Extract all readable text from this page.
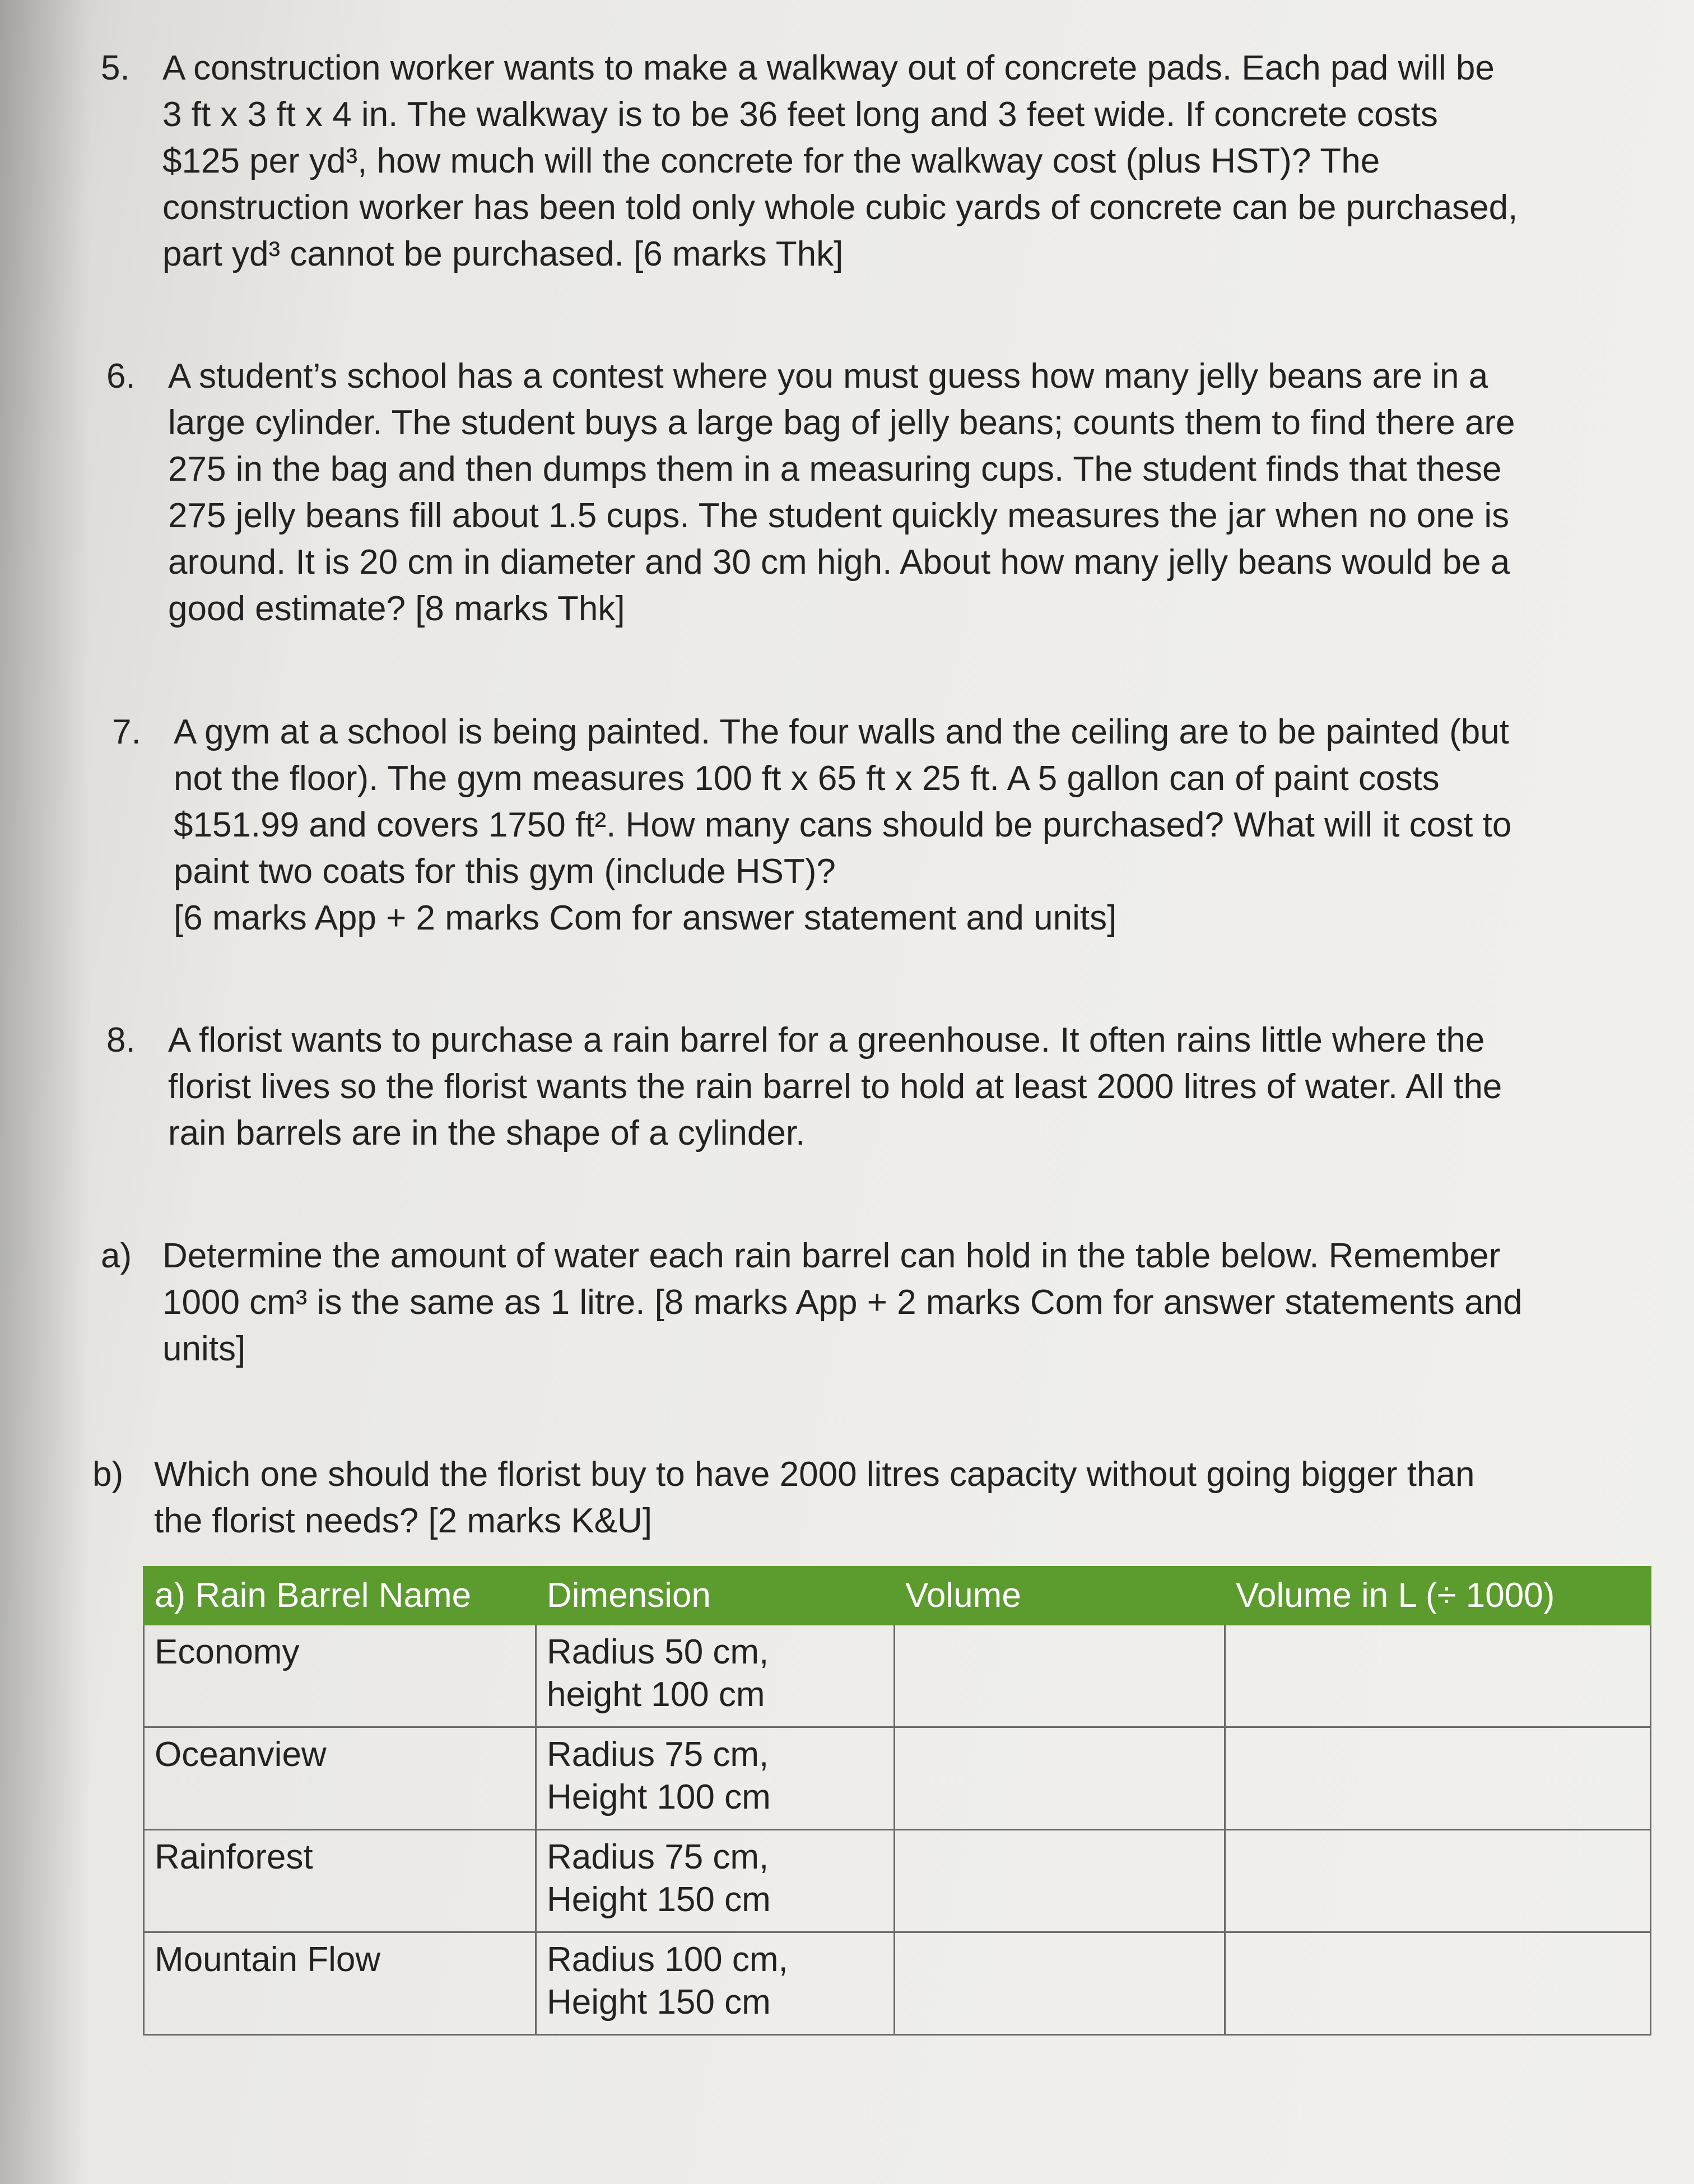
5. A construction worker wants to make a walkway out of concrete pads. Each pad will be

3 ft x 3 ft x 4 in. The walkway is to be 36 feet long and 3 feet wide. If concrete costs

$125 per yd³, how much will the concrete for the walkway cost (plus HST)? The

construction worker has been told only whole cubic yards of concrete can be purchased,

part yd³ cannot be purchased. [6 marks Thk]

6. A student’s school has a contest where you must guess how many jelly beans are in a

large cylinder. The student buys a large bag of jelly beans; counts them to find there are

275 in the bag and then dumps them in a measuring cups. The student finds that these

275 jelly beans fill about 1.5 cups. The student quickly measures the jar when no one is

around. It is 20 cm in diameter and 30 cm high. About how many jelly beans would be a

good estimate? [8 marks Thk]

7. A gym at a school is being painted. The four walls and the ceiling are to be painted (but

not the floor). The gym measures 100 ft x 65 ft x 25 ft. A 5 gallon can of paint costs

$151.99 and covers 1750 ft². How many cans should be purchased? What will it cost to

paint two coats for this gym (include HST)?

[6 marks App + 2 marks Com for answer statement and units]

8. A florist wants to purchase a rain barrel for a greenhouse. It often rains little where the

florist lives so the florist wants the rain barrel to hold at least 2000 litres of water. All the

rain barrels are in the shape of a cylinder.

a) Determine the amount of water each rain barrel can hold in the table below. Remember

1000 cm³ is the same as 1 litre. [8 marks App + 2 marks Com for answer statements and

units]

b) Which one should the florist buy to have 2000 litres capacity without going bigger than

the florist needs? [2 marks K&U]

a) Rain Barrel Name	Dimension	Volume	Volume in L (÷ 1000)
Economy	Radius 50 cm,
height 100 cm		

Oceanview	Radius 75 cm,
Height 100 cm		

Rainforest	Radius 75 cm,
Height 150 cm		

Mountain Flow	Radius 100 cm,
Height 150 cm		
